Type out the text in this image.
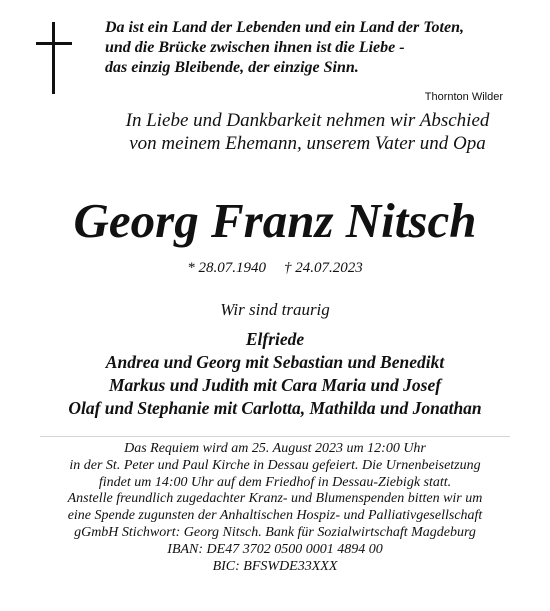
Da ist ein Land der Lebenden und ein Land der Toten,
und die Brücke zwischen ihnen ist die Liebe -
das einzig Bleibende, der einzige Sinn.
Thornton Wilder
In Liebe und Dankbarkeit nehmen wir Abschied
von meinem Ehemann, unserem Vater und Opa
Georg Franz Nitsch
* 28.07.1940 † 24.07.2023
Wir sind traurig
Elfriede
Andrea und Georg mit Sebastian und Benedikt
Markus und Judith mit Cara Maria und Josef
Olaf und Stephanie mit Carlotta, Mathilda und Jonathan
Das Requiem wird am 25. August 2023 um 12:00 Uhr
in der St. Peter und Paul Kirche in Dessau gefeiert. Die Urnenbeisetzung
findet um 14:00 Uhr auf dem Friedhof in Dessau-Ziebigk statt.
Anstelle freundlich zugedachter Kranz- und Blumenspenden bitten wir um
eine Spende zugunsten der Anhaltischen Hospiz- und Palliativgesellschaft
gGmbH Stichwort: Georg Nitsch. Bank für Sozialwirtschaft Magdeburg
IBAN: DE47 3702 0500 0001 4894 00
BIC: BFSWDE33XXX
